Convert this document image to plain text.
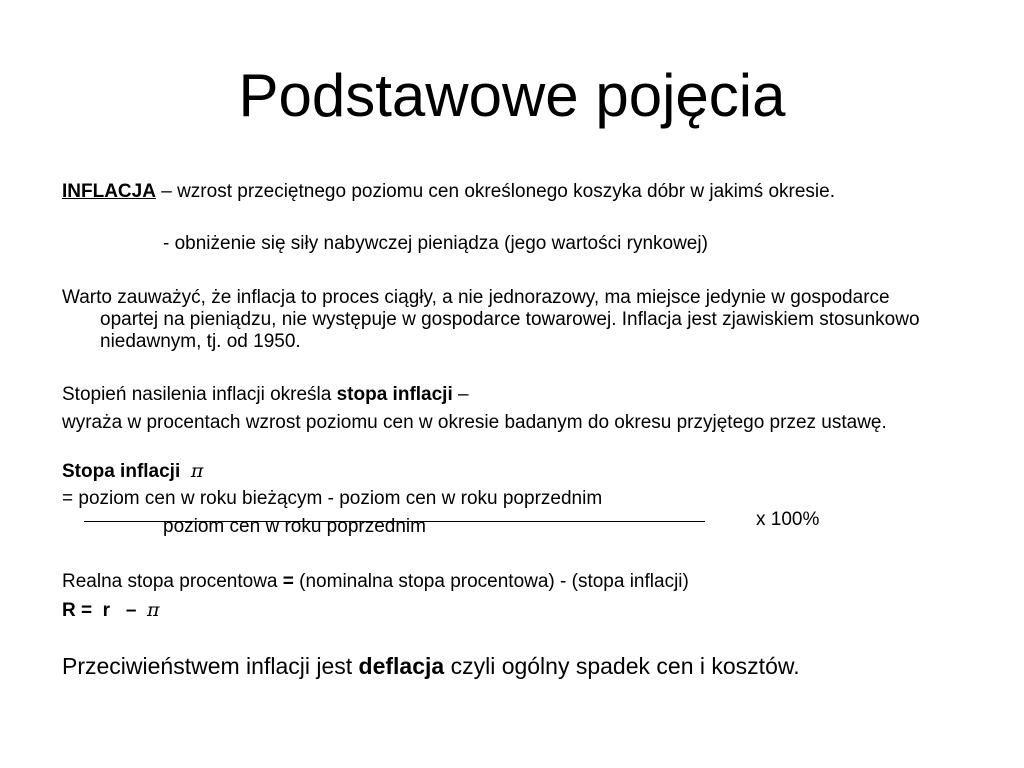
Podstawowe pojęcia

INFLACJA – wzrost przeciętnego poziomu cen określonego koszyka dóbr w jakimś okresie.

- obniżenie się siły nabywczej pieniądza (jego wartości rynkowej)

Warto zauważyć, że inflacja to proces ciągły, a nie jednorazowy, ma miejsce jedynie w gospodarce opartej na pieniądzu, nie występuje w gospodarce towarowej. Inflacja jest zjawiskiem stosunkowo niedawnym, tj. od 1950.

Stopień nasilenia inflacji określa stopa inflacji –

wyraża w procentach wzrost poziomu cen w okresie badanym do okresu przyjętego przez ustawę.

Stopa inflacji π

= poziom cen w roku bieżącym - poziom cen w roku poprzednim

poziom cen w roku poprzednim	x 100%

Realna stopa procentowa = (nominalna stopa procentowa) - (stopa inflacji)

R =  r   –  π

Przeciwieństwem inflacji jest deflacja czyli ogólny spadek cen i kosztów.
